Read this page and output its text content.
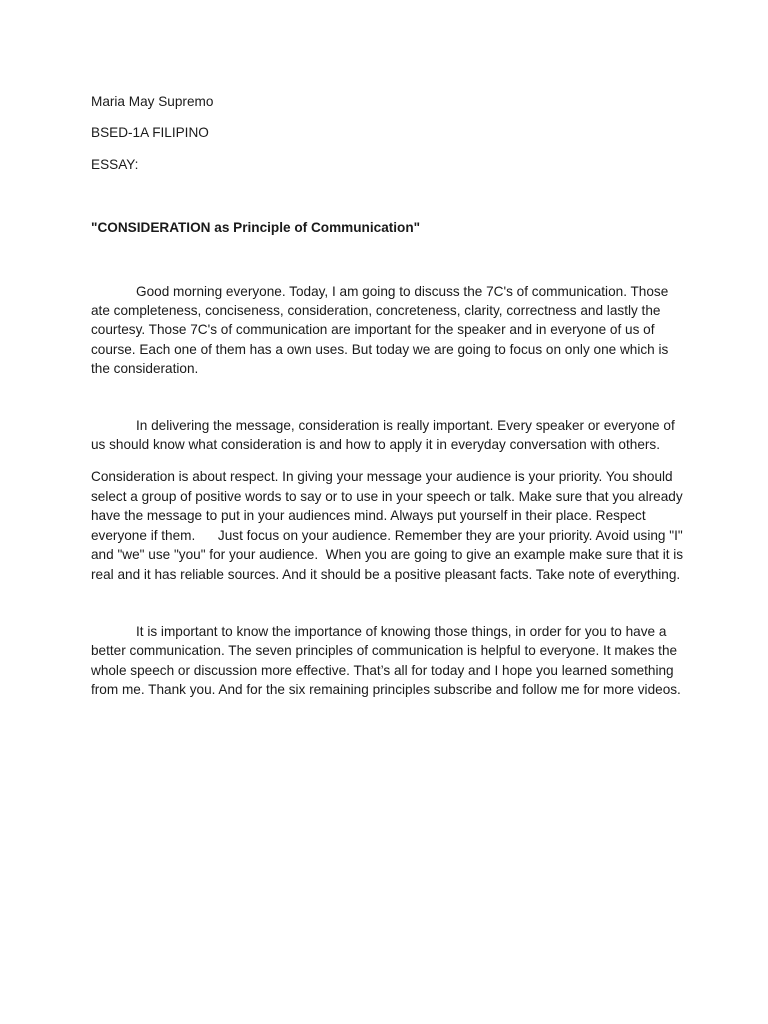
Maria May Supremo

BSED-1A FILIPINO

ESSAY:

"CONSIDERATION as Principle of Communication"

Good morning everyone. Today, I am going to discuss the 7C's of communication. Those ate completeness, conciseness, consideration, concreteness, clarity, correctness and lastly the courtesy. Those 7C's of communication are important for the speaker and in everyone of us of course. Each one of them has a own uses. But today we are going to focus on only one which is the consideration.

In delivering the message, consideration is really important. Every speaker or everyone of us should know what consideration is and how to apply it in everyday conversation with others.

Consideration is about respect. In giving your message your audience is your priority. You should select a group of positive words to say or to use in your speech or talk. Make sure that you already have the message to put in your audiences mind. Always put yourself in their place. Respect everyone if them.      Just focus on your audience. Remember they are your priority. Avoid using "I" and "we" use "you" for your audience.  When you are going to give an example make sure that it is real and it has reliable sources. And it should be a positive pleasant facts. Take note of everything.

It is important to know the importance of knowing those things, in order for you to have a better communication. The seven principles of communication is helpful to everyone. It makes the whole speech or discussion more effective. That’s all for today and I hope you learned something from me. Thank you. And for the six remaining principles subscribe and follow me for more videos.
